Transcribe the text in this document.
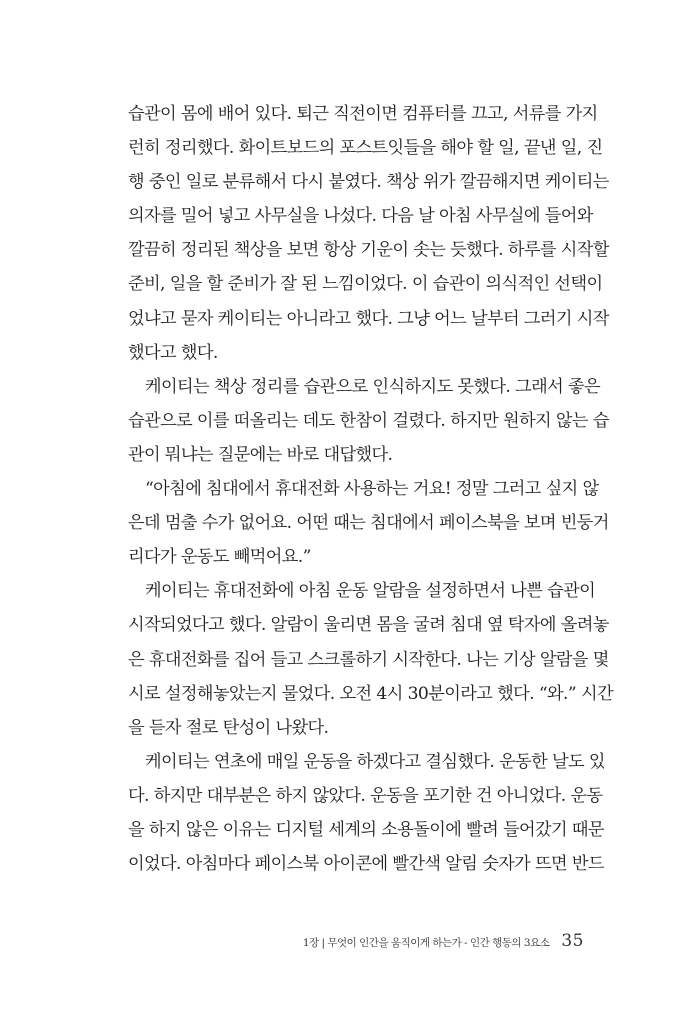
습관이 몸에 배어 있다. 퇴근 직전이면 컴퓨터를 끄고, 서류를 가지
런히 정리했다. 화이트보드의 포스트잇들을 해야 할 일, 끝낸 일, 진
행 중인 일로 분류해서 다시 붙였다. 책상 위가 깔끔해지면 케이티는
의자를 밀어 넣고 사무실을 나섰다. 다음 날 아침 사무실에 들어와
깔끔히 정리된 책상을 보면 항상 기운이 솟는 듯했다. 하루를 시작할
준비, 일을 할 준비가 잘 된 느낌이었다. 이 습관이 의식적인 선택이
었냐고 묻자 케이티는 아니라고 했다. 그냥 어느 날부터 그러기 시작
했다고 했다.
케이티는 책상 정리를 습관으로 인식하지도 못했다. 그래서 좋은
습관으로 이를 떠올리는 데도 한참이 걸렸다. 하지만 원하지 않는 습
관이 뭐냐는 질문에는 바로 대답했다.
“아침에 침대에서 휴대전화 사용하는 거요! 정말 그러고 싶지 않
은데 멈출 수가 없어요. 어떤 때는 침대에서 페이스북을 보며 빈둥거
리다가 운동도 빼먹어요.”
케이티는 휴대전화에 아침 운동 알람을 설정하면서 나쁜 습관이
시작되었다고 했다. 알람이 울리면 몸을 굴려 침대 옆 탁자에 올려놓
은 휴대전화를 집어 들고 스크롤하기 시작한다. 나는 기상 알람을 몇
시로 설정해놓았는지 물었다. 오전 4시 30분이라고 했다. “와.” 시간
을 듣자 절로 탄성이 나왔다.
케이티는 연초에 매일 운동을 하겠다고 결심했다. 운동한 날도 있
다. 하지만 대부분은 하지 않았다. 운동을 포기한 건 아니었다. 운동
을 하지 않은 이유는 디지털 세계의 소용돌이에 빨려 들어갔기 때문
이었다. 아침마다 페이스북 아이콘에 빨간색 알림 숫자가 뜨면 반드
1장 | 무엇이 인간을 움직이게 하는가 - 인간 행동의 3요소 35
